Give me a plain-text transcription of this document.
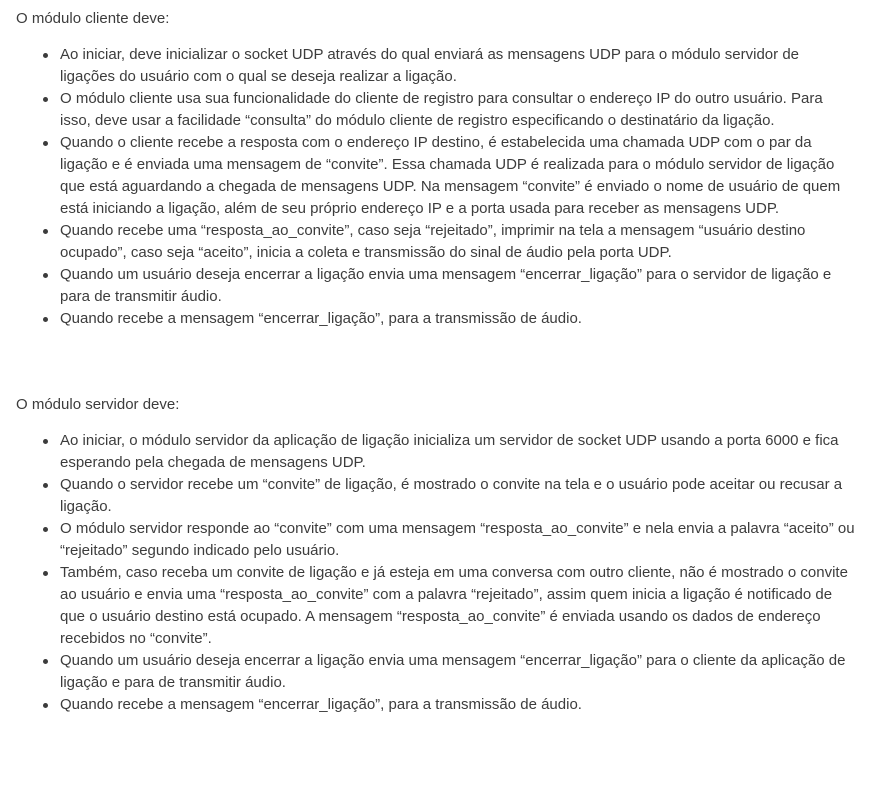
O módulo cliente deve:

Ao iniciar, deve inicializar o socket UDP através do qual enviará as mensagens UDP para o módulo servidor de ligações do usuário com o qual se deseja realizar a ligação.
O módulo cliente usa sua funcionalidade do cliente de registro para consultar o endereço IP do outro usuário. Para isso, deve usar a facilidade “consulta” do módulo cliente de registro especificando o destinatário da ligação.
Quando o cliente recebe a resposta com o endereço IP destino, é estabelecida uma chamada UDP com o par da ligação e é enviada uma mensagem de “convite”. Essa chamada UDP é realizada para o módulo servidor de ligação que está aguardando a chegada de mensagens UDP. Na mensagem “convite” é enviado o nome de usuário de quem está iniciando a ligação, além de seu próprio endereço IP e a porta usada para receber as mensagens UDP.
Quando recebe uma “resposta_ao_convite”, caso seja “rejeitado”, imprimir na tela a mensagem “usuário destino ocupado”, caso seja “aceito”, inicia a coleta e transmissão do sinal de áudio pela porta UDP.
Quando um usuário deseja encerrar a ligação envia uma mensagem “encerrar_ligação” para o servidor de ligação e para de transmitir áudio.
Quando recebe a mensagem “encerrar_ligação”, para a transmissão de áudio.

O módulo servidor deve:

Ao iniciar, o módulo servidor da aplicação de ligação inicializa um servidor de socket UDP usando a porta 6000 e fica esperando pela chegada de mensagens UDP.
Quando o servidor recebe um “convite” de ligação, é mostrado o convite na tela e o usuário pode aceitar ou recusar a ligação.
O módulo servidor responde ao “convite” com uma mensagem “resposta_ao_convite” e nela envia a palavra “aceito” ou “rejeitado” segundo indicado pelo usuário.
Também, caso receba um convite de ligação e já esteja em uma conversa com outro cliente, não é mostrado o convite ao usuário e envia uma “resposta_ao_convite” com a palavra “rejeitado”, assim quem inicia a ligação é notificado de que o usuário destino está ocupado. A mensagem “resposta_ao_convite” é enviada usando os dados de endereço recebidos no “convite”.
Quando um usuário deseja encerrar a ligação envia uma mensagem “encerrar_ligação” para o cliente da aplicação de ligação e para de transmitir áudio.
Quando recebe a mensagem “encerrar_ligação”, para a transmissão de áudio.
